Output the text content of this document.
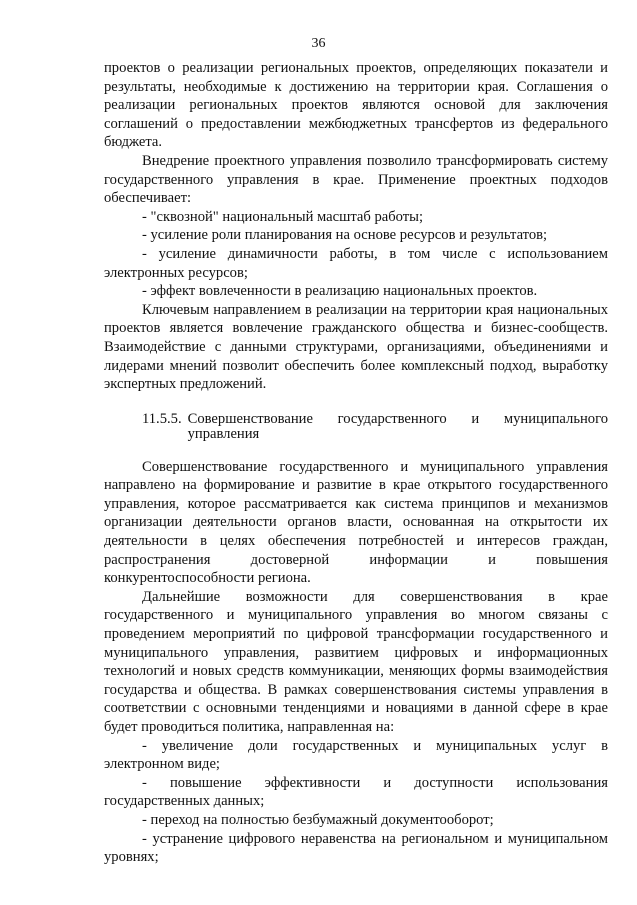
36

проектов о реализации региональных проектов, определяющих показатели и результаты, необходимые к достижению на территории края. Соглашения о реализации региональных проектов являются основой для заключения соглашений о предоставлении межбюджетных трансфертов из федерального бюджета.

Внедрение проектного управления позволило трансформировать систему государственного управления в крае. Применение проектных подходов обеспечивает:

- "сквозной" национальный масштаб работы;

- усиление роли планирования на основе ресурсов и результатов;

- усиление динамичности работы, в том числе с использованием электронных ресурсов;

- эффект вовлеченности в реализацию национальных проектов.

Ключевым направлением в реализации на территории края национальных проектов является вовлечение гражданского общества и бизнес-сообществ. Взаимодействие с данными структурами, организациями, объединениями и лидерами мнений позволит обеспечить более комплексный подход, выработку экспертных предложений.

11.5.5. Совершенствование государственного и муниципального управления

Совершенствование государственного и муниципального управления направлено на формирование и развитие в крае открытого государственного управления, которое рассматривается как система принципов и механизмов организации деятельности органов власти, основанная на открытости их деятельности в целях обеспечения потребностей и интересов граждан, распространения достоверной информации и повышения конкурентоспособности региона.

Дальнейшие возможности для совершенствования в крае государственного и муниципального управления во многом связаны с проведением мероприятий по цифровой трансформации государственного и муниципального управления, развитием цифровых и информационных технологий и новых средств коммуникации, меняющих формы взаимодействия государства и общества. В рамках совершенствования системы управления в соответствии с основными тенденциями и новациями в данной сфере в крае будет проводиться политика, направленная на:

- увеличение доли государственных и муниципальных услуг в электронном виде;

- повышение эффективности и доступности использования государственных данных;

- переход на полностью безбумажный документооборот;

- устранение цифрового неравенства на региональном и муниципальном уровнях;
